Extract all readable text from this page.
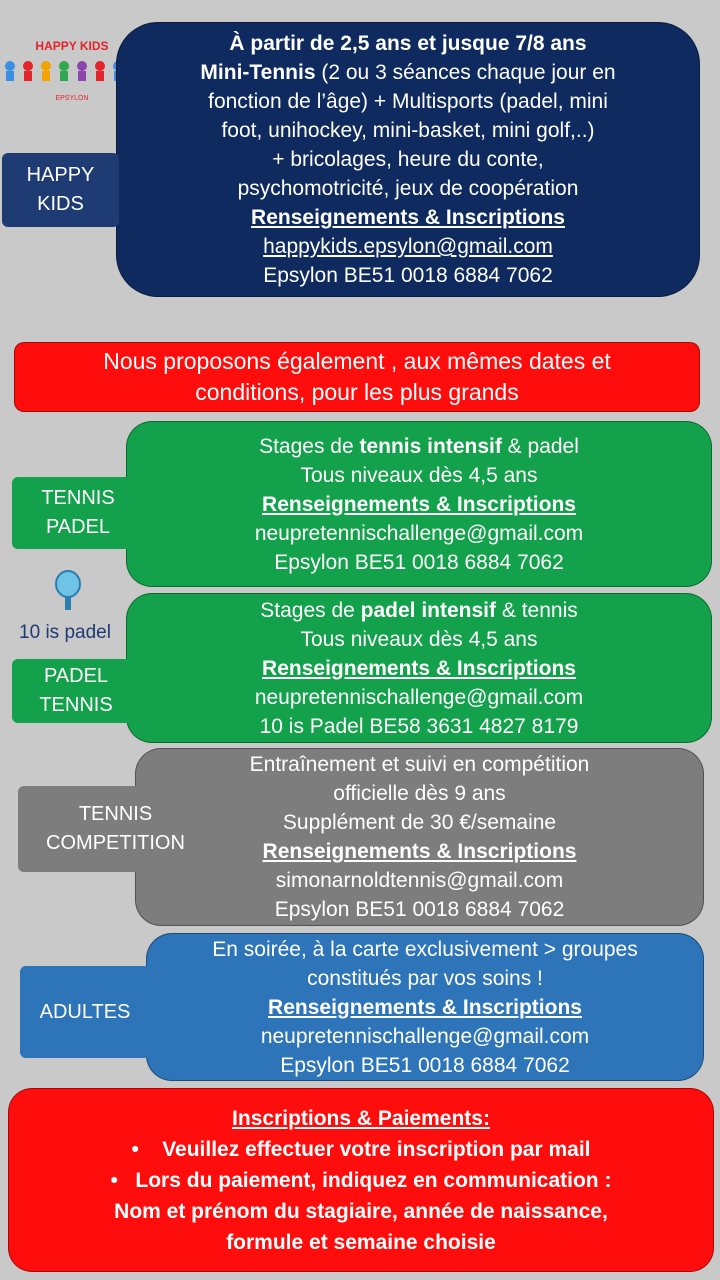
HAPPY KIDS
EPSYLON
À partir de 2,5 ans et jusque 7/8 ans
Mini-Tennis (2 ou 3 séances chaque jour en
fonction de l’âge) + Multisports (padel, mini
foot, unihockey, mini-basket, mini golf,..)
+ bricolages, heure du conte,
psychomotricité, jeux de coopération
Renseignements & Inscriptions
happykids.epsylon@gmail.com
Epsylon BE51 0018 6884 7062
HAPPY
KIDS
Nous proposons également , aux mêmes dates et
conditions, pour les plus grands
Stages de tennis intensif & padel
Tous niveaux dès 4,5 ans
Renseignements & Inscriptions
neupretennischallenge@gmail.com
Epsylon BE51 0018 6884 7062
TENNIS
PADEL
Stages de padel intensif & tennis
Tous niveaux dès 4,5 ans
Renseignements & Inscriptions
neupretennischallenge@gmail.com
10 is Padel BE58 3631 4827 8179
10 is padel
PADEL
TENNIS
Entraînement et suivi en compétition
officielle dès 9 ans
Supplément de 30 €/semaine
Renseignements & Inscriptions
simonarnoldtennis@gmail.com
Epsylon BE51 0018 6884 7062
TENNIS
COMPETITION
En soirée, à la carte exclusivement > groupes
constitués par vos soins !
Renseignements & Inscriptions
neupretennischallenge@gmail.com
Epsylon BE51 0018 6884 7062
ADULTES
Inscriptions & Paiements:
• Veuillez effectuer votre inscription par mail
• Lors du paiement, indiquez en communication :
Nom et prénom du stagiaire, année de naissance,
formule et semaine choisie
